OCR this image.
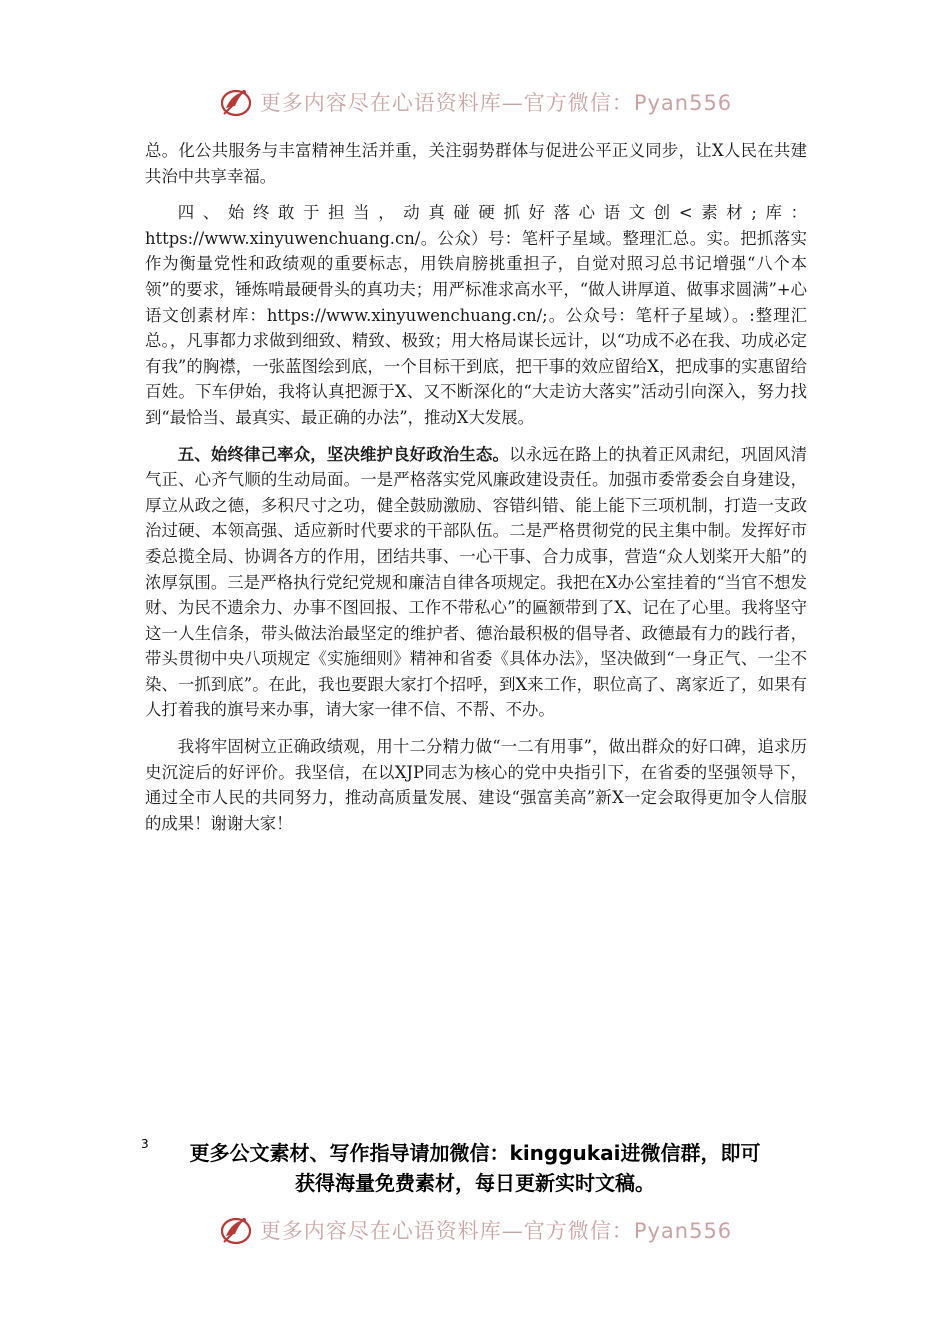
更多内容尽在心语资料库—官方微信：Pyan556

总。化公共服务与丰富精神生活并重，关注弱势群体与促进公平正义同步，让X人民在共建共治中共享幸福。

四、始终敢于担当，动真碰硬抓好落心语文创<素材;库：https://www.xinyuwenchuang.cn/。公众）号：笔杆子星域。整理汇总。实。把抓落实作为衡量党性和政绩观的重要标志，用铁肩膀挑重担子，自觉对照习总书记增强“八个本领”的要求，锤炼啃最硬骨头的真功夫；用严标准求高水平，“做人讲厚道、做事求圆满”+心语文创素材库：https://www.xinyuwenchuang.cn/;。公众号：笔杆子星域）。:整理汇总。，凡事都力求做到细致、精致、极致；用大格局谋长远计，以“功成不必在我、功成必定有我”的胸襟，一张蓝图绘到底，一个目标干到底，把干事的效应留给X，把成事的实惠留给百姓。下车伊始，我将认真把源于X、又不断深化的“大走访大落实”活动引向深入，努力找到“最恰当、最真实、最正确的办法”，推动X大发展。

五、始终律己率众，坚决维护良好政治生态。以永远在路上的执着正风肃纪，巩固风清气正、心齐气顺的生动局面。一是严格落实党风廉政建设责任。加强市委常委会自身建设，厚立从政之德，多积尺寸之功，健全鼓励激励、容错纠错、能上能下三项机制，打造一支政治过硬、本领高强、适应新时代要求的干部队伍。二是严格贯彻党的民主集中制。发挥好市委总揽全局、协调各方的作用，团结共事、一心干事、合力成事，营造“众人划桨开大船”的浓厚氛围。三是严格执行党纪党规和廉洁自律各项规定。我把在X办公室挂着的“当官不想发财、为民不遗余力、办事不图回报、工作不带私心”的匾额带到了X、记在了心里。我将坚守这一人生信条，带头做法治最坚定的维护者、德治最积极的倡导者、政德最有力的践行者，带头贯彻中央八项规定《实施细则》精神和省委《具体办法》，坚决做到“一身正气、一尘不染、一抓到底”。在此，我也要跟大家打个招呼，到X来工作，职位高了、离家近了，如果有人打着我的旗号来办事，请大家一律不信、不帮、不办。

我将牢固树立正确政绩观，用十二分精力做“一二有用事”，做出群众的好口碑，追求历史沉淀后的好评价。我坚信，在以XJP同志为核心的党中央指引下，在省委的坚强领导下，通过全市人民的共同努力，推动高质量发展、建设“强富美高”新X一定会取得更加令人信服的成果！谢谢大家！

3	更多公文素材、写作指导请加微信：kinggukai进微信群，即可
获得海量免费素材，每日更新实时文稿。
更多内容尽在心语资料库—官方微信：Pyan556
